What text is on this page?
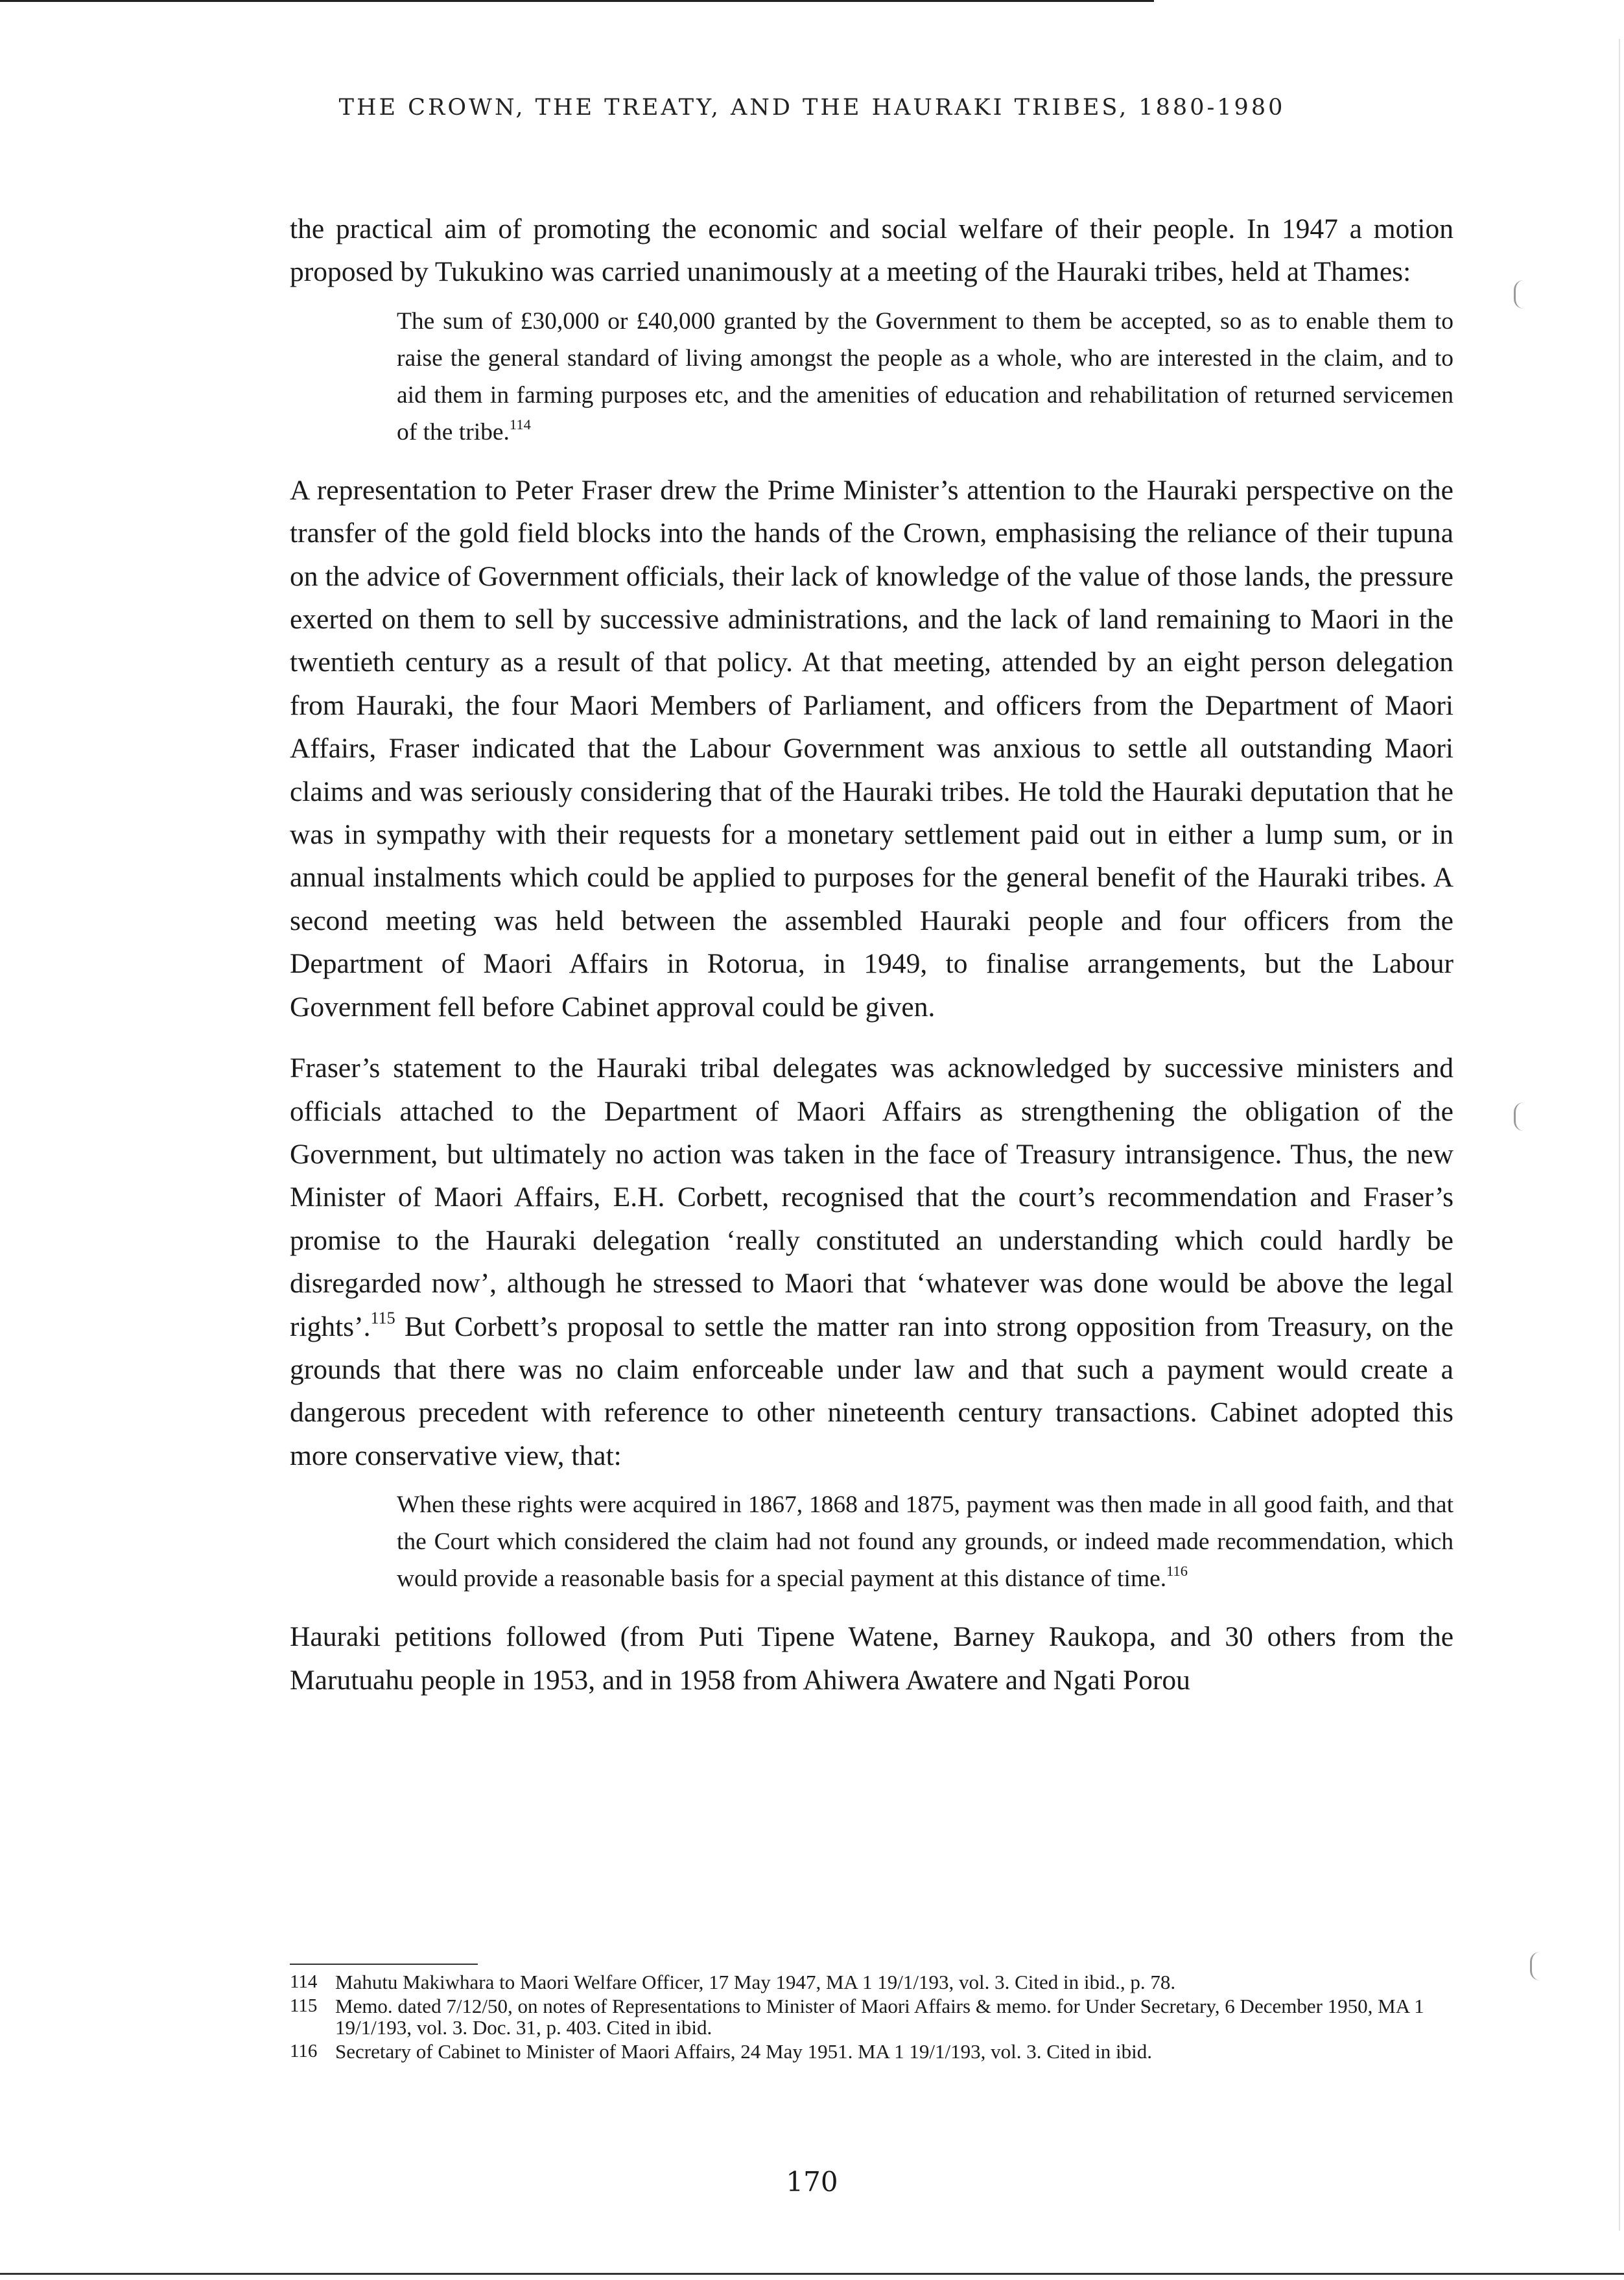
THE CROWN, THE TREATY, AND THE HAURAKI TRIBES, 1880-1980

the practical aim of promoting the economic and social welfare of their people. In 1947 a motion proposed by Tukukino was carried unanimously at a meeting of the Hauraki tribes, held at Thames:

The sum of £30,000 or £40,000 granted by the Government to them be accepted, so as to enable them to raise the general standard of living amongst the people as a whole, who are interested in the claim, and to aid them in farming purposes etc, and the amenities of education and rehabilitation of returned servicemen of the tribe.$^{114}$

A representation to Peter Fraser drew the Prime Minister’s attention to the Hauraki perspective on the transfer of the gold field blocks into the hands of the Crown, emphasising the reliance of their tupuna on the advice of Government officials, their lack of knowledge of the value of those lands, the pressure exerted on them to sell by successive administrations, and the lack of land remaining to Maori in the twentieth century as a result of that policy. At that meeting, attended by an eight person delegation from Hauraki, the four Maori Members of Parliament, and officers from the Department of Maori Affairs, Fraser indicated that the Labour Government was anxious to settle all outstanding Maori claims and was seriously considering that of the Hauraki tribes. He told the Hauraki deputation that he was in sympathy with their requests for a monetary settlement paid out in either a lump sum, or in annual instalments which could be applied to purposes for the general benefit of the Hauraki tribes. A second meeting was held between the assembled Hauraki people and four officers from the Department of Maori Affairs in Rotorua, in 1949, to finalise arrangements, but the Labour Government fell before Cabinet approval could be given.

Fraser’s statement to the Hauraki tribal delegates was acknowledged by successive ministers and officials attached to the Department of Maori Affairs as strengthening the obligation of the Government, but ultimately no action was taken in the face of Treasury intransigence. Thus, the new Minister of Maori Affairs, E.H. Corbett, recognised that the court’s recommendation and Fraser’s promise to the Hauraki delegation ‘really constituted an understanding which could hardly be disregarded now’, although he stressed to Maori that ‘whatever was done would be above the legal rights’.$^{115}$ But Corbett’s proposal to settle the matter ran into strong opposition from Treasury, on the grounds that there was no claim enforceable under law and that such a payment would create a dangerous precedent with reference to other nineteenth century transactions. Cabinet adopted this more conservative view, that:

When these rights were acquired in 1867, 1868 and 1875, payment was then made in all good faith, and that the Court which considered the claim had not found any grounds, or indeed made recommendation, which would provide a reasonable basis for a special payment at this distance of time.$^{116}$

Hauraki petitions followed (from Puti Tipene Watene, Barney Raukopa, and 30 others from the Marutuahu people in 1953, and in 1958 from Ahiwera Awatere and Ngati Porou

114 Mahutu Makiwhara to Maori Welfare Officer, 17 May 1947, MA 1 19/1/193, vol. 3. Cited in ibid., p. 78.
115 Memo. dated 7/12/50, on notes of Representations to Minister of Maori Affairs & memo. for Under Secretary, 6 December 1950, MA 1 19/1/193, vol. 3. Doc. 31, p. 403. Cited in ibid.
116 Secretary of Cabinet to Minister of Maori Affairs, 24 May 1951. MA 1 19/1/193, vol. 3. Cited in ibid.
170
